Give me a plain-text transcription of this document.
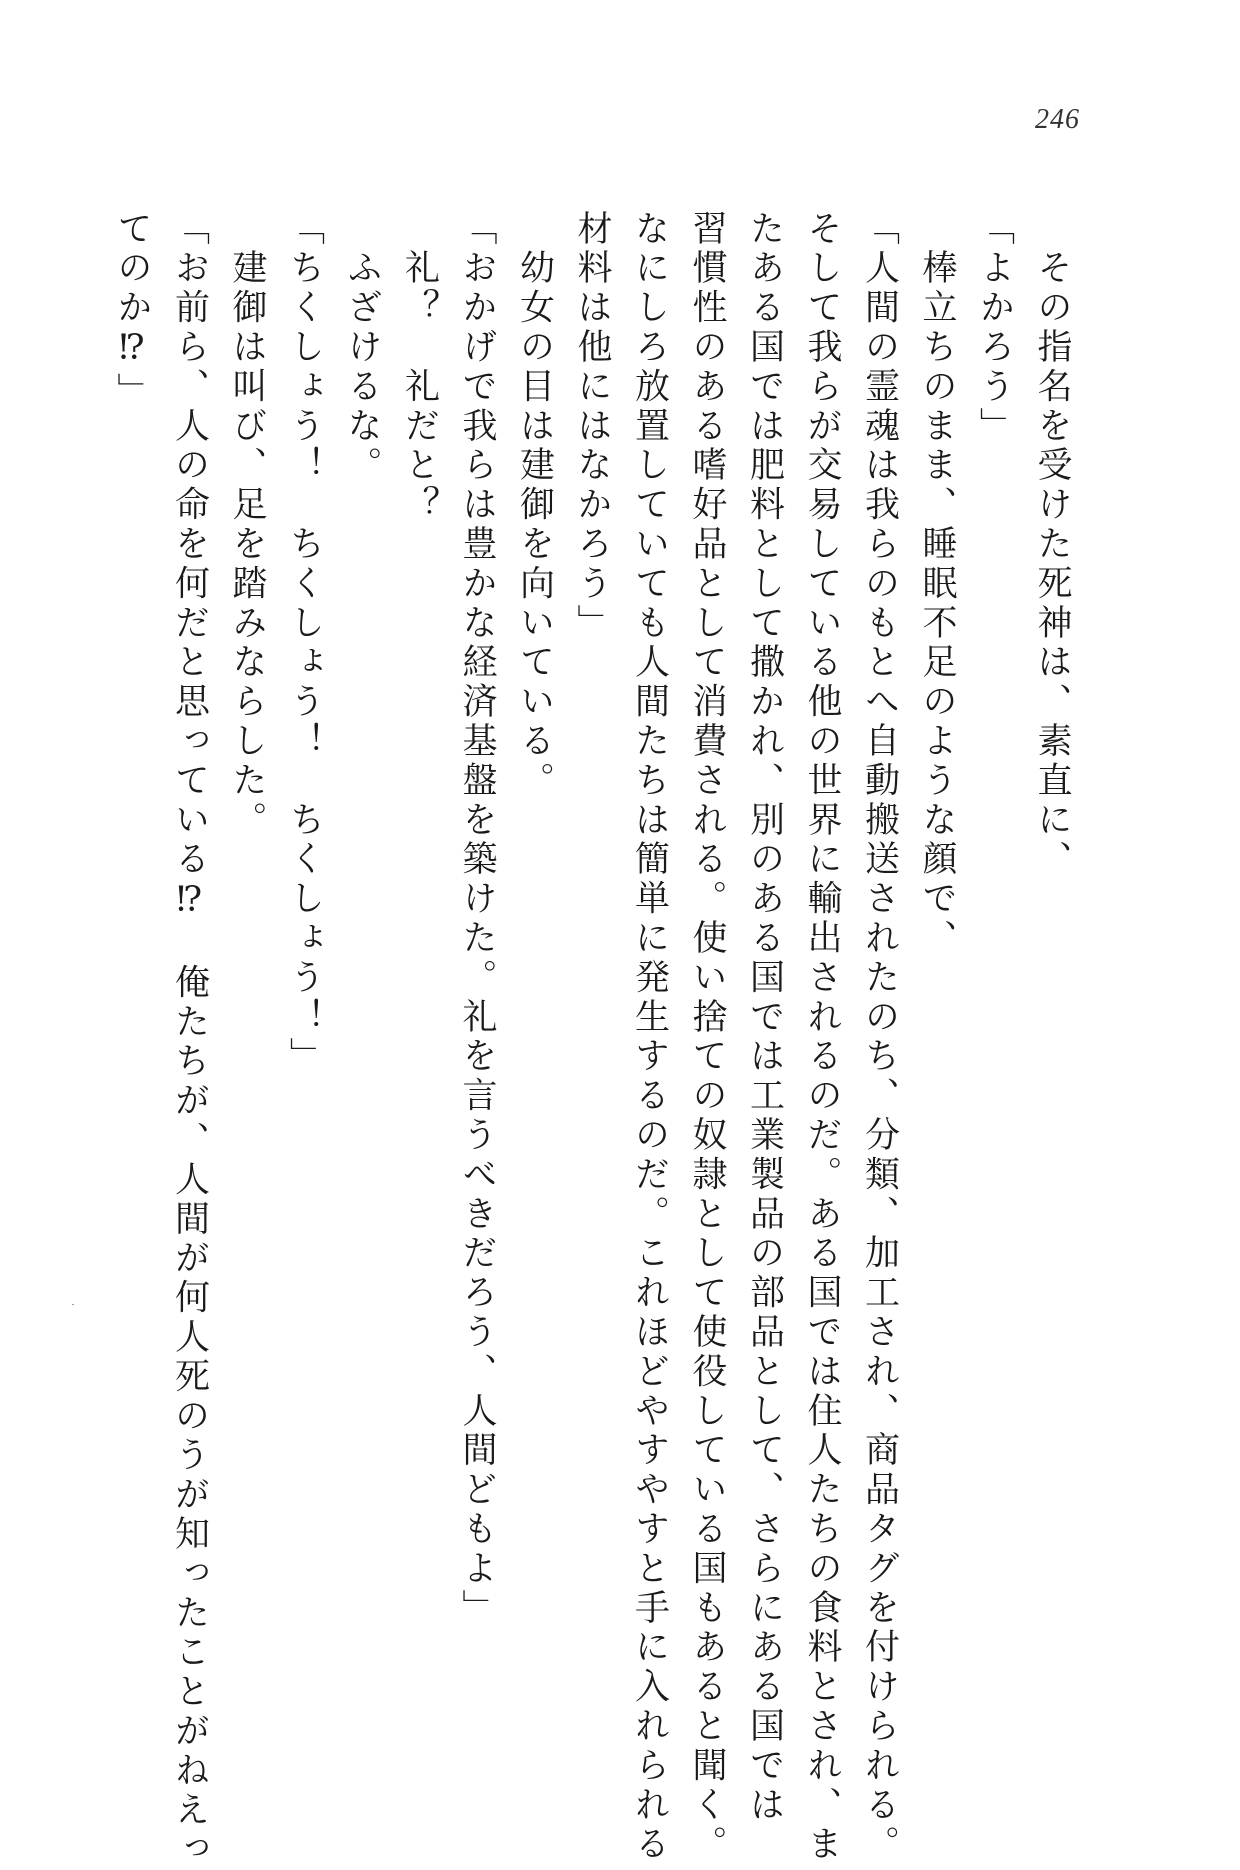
246

　その指名を受けた死神は、素直に、

「よかろう」

　棒立ちのまま、睡眠不足のような顔で、

「人間の霊魂は我らのもとへ自動搬送されたのち、分類、加工され、商品タグを付けられる。

そして我らが交易している他の世界に輸出されるのだ。ある国では住人たちの食料とされ、ま

たある国では肥料として撒かれ、別のある国では工業製品の部品として、さらにある国では

習慣性のある嗜好品として消費される。使い捨ての奴隷として使役している国もあると聞く。

なにしろ放置していても人間たちは簡単に発生するのだ。これほどやすやすと手に入れられる

材料は他にはなかろう」

　幼女の目は建御を向いている。

「おかげで我らは豊かな経済基盤を築けた。礼を言うべきだろう、人間どもよ」

　礼？　礼だと？

　ふざけるな。

「ちくしょう！　ちくしょう！　ちくしょう！」

　建御は叫び、足を踏みならした。

「お前ら、人の命を何だと思っている⁉　俺たちが、人間が何人死のうが知ったことがねえっ

てのか⁉」
